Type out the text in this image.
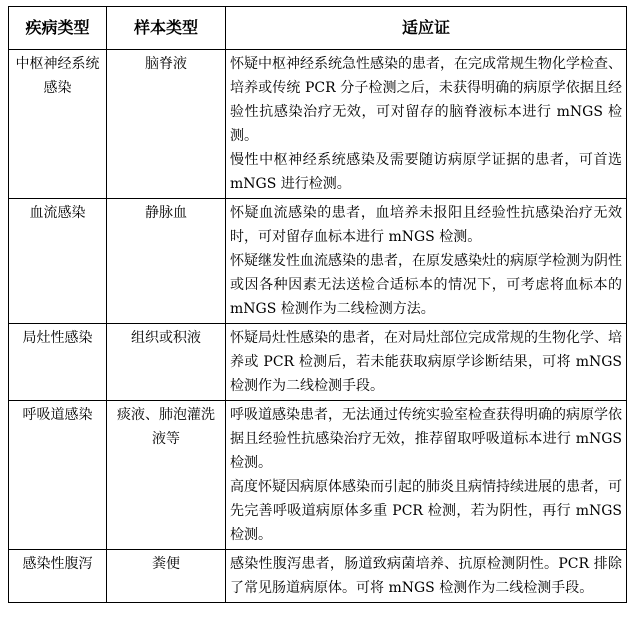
疾病类型	样本类型	适应证
中枢神经系统感染	脑脊液	怀疑中枢神经系统急性感染的患者，在完成常规生物化学检查、培养或传统 PCR 分子检测之后，未获得明确的病原学依据且经验性抗感染治疗无效，可对留存的脑脊液标本进行 mNGS 检测。

慢性中枢神经系统感染及需要随访病原学证据的患者，可首选 mNGS 进行检测。

血流感染	静脉血	怀疑血流感染的患者，血培养未报阳且经验性抗感染治疗无效时，可对留存血标本进行 mNGS 检测。

怀疑继发性血流感染的患者，在原发感染灶的病原学检测为阴性或因各种因素无法送检合适标本的情况下，可考虑将血标本的 mNGS 检测作为二线检测方法。

局灶性感染	组织或积液	怀疑局灶性感染的患者，在对局灶部位完成常规的生物化学、培养或 PCR 检测后，若未能获取病原学诊断结果，可将 mNGS 检测作为二线检测手段。

呼吸道感染	痰液、肺泡灌洗液等	呼吸道感染患者，无法通过传统实验室检查获得明确的病原学依据且经验性抗感染治疗无效，推荐留取呼吸道标本进行 mNGS 检测。

高度怀疑因病原体感染而引起的肺炎且病情持续进展的患者，可先完善呼吸道病原体多重 PCR 检测，若为阴性，再行 mNGS 检测。

感染性腹泻	粪便	感染性腹泻患者，肠道致病菌培养、抗原检测阴性。PCR 排除了常见肠道病原体。可将 mNGS 检测作为二线检测手段。
